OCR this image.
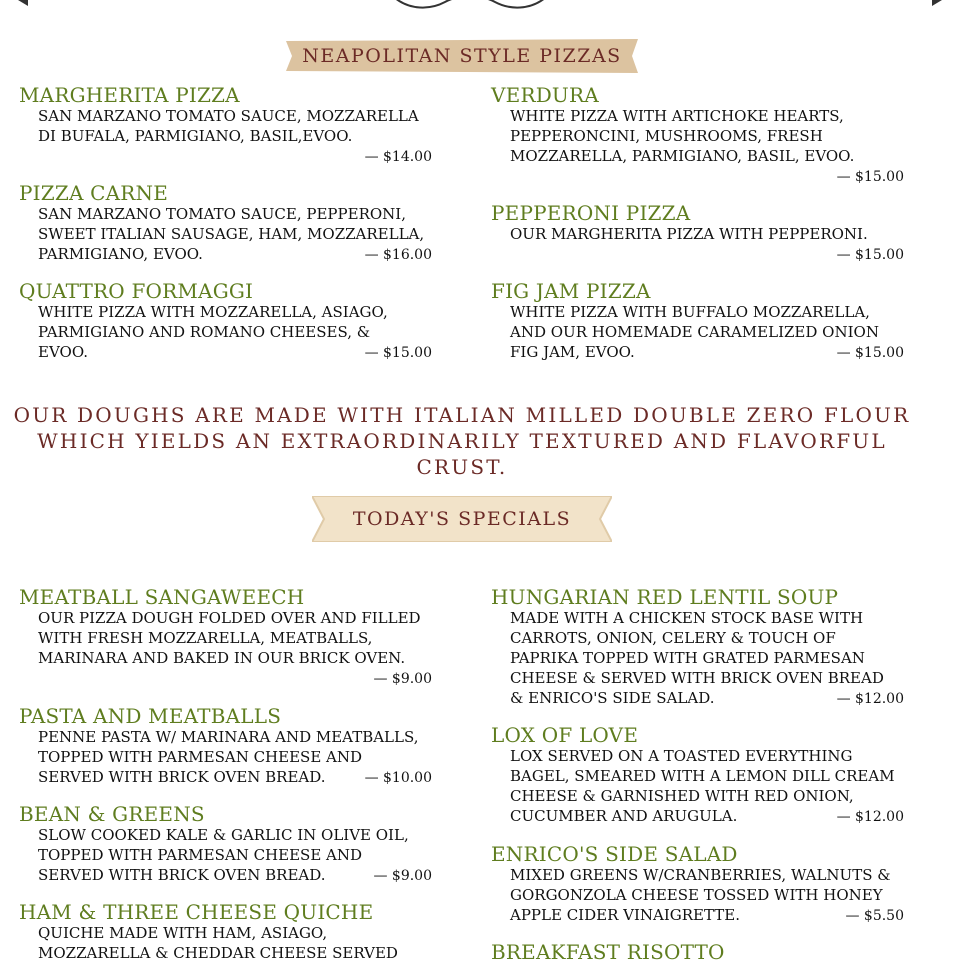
NEAPOLITAN STYLE PIZZAS
MARGHERITA PIZZA
SAN MARZANO TOMATO SAUCE, MOZZARELLA
DI BUFALA, PARMIGIANO, BASIL,EVOO.
— $14.00
PIZZA CARNE
SAN MARZANO TOMATO SAUCE, PEPPERONI,
SWEET ITALIAN SAUSAGE, HAM, MOZZARELLA,
PARMIGIANO, EVOO.	— $16.00
QUATTRO FORMAGGI
WHITE PIZZA WITH MOZZARELLA, ASIAGO,
PARMIGIANO AND ROMANO CHEESES, &
EVOO.	— $15.00
VERDURA
WHITE PIZZA WITH ARTICHOKE HEARTS,
PEPPERONCINI, MUSHROOMS, FRESH
MOZZARELLA, PARMIGIANO, BASIL, EVOO.
— $15.00
PEPPERONI PIZZA
OUR MARGHERITA PIZZA WITH PEPPERONI.
— $15.00
FIG JAM PIZZA
WHITE PIZZA WITH BUFFALO MOZZARELLA,
AND OUR HOMEMADE CARAMELIZED ONION
FIG JAM, EVOO.	— $15.00
OUR DOUGHS ARE MADE WITH ITALIAN MILLED DOUBLE ZERO FLOUR
WHICH YIELDS AN EXTRAORDINARILY TEXTURED AND FLAVORFUL CRUST.
TODAY'S SPECIALS
MEATBALL SANGAWEECH
OUR PIZZA DOUGH FOLDED OVER AND FILLED
WITH FRESH MOZZARELLA, MEATBALLS,
MARINARA AND BAKED IN OUR BRICK OVEN.
— $9.00
PASTA AND MEATBALLS
PENNE PASTA W/ MARINARA AND MEATBALLS,
TOPPED WITH PARMESAN CHEESE AND
SERVED WITH BRICK OVEN BREAD.	— $10.00
BEAN & GREENS
SLOW COOKED KALE & GARLIC IN OLIVE OIL,
TOPPED WITH PARMESAN CHEESE AND
SERVED WITH BRICK OVEN BREAD.	— $9.00
HAM & THREE CHEESE QUICHE
QUICHE MADE WITH HAM, ASIAGO,
MOZZARELLA & CHEDDAR CHEESE SERVED
HUNGARIAN RED LENTIL SOUP
MADE WITH A CHICKEN STOCK BASE WITH
CARROTS, ONION, CELERY & TOUCH OF
PAPRIKA TOPPED WITH GRATED PARMESAN
CHEESE & SERVED WITH BRICK OVEN BREAD
& ENRICO'S SIDE SALAD.	— $12.00
LOX OF LOVE
LOX SERVED ON A TOASTED EVERYTHING
BAGEL, SMEARED WITH A LEMON DILL CREAM
CHEESE & GARNISHED WITH RED ONION,
CUCUMBER AND ARUGULA.	— $12.00
ENRICO'S SIDE SALAD
MIXED GREENS W/CRANBERRIES, WALNUTS &
GORGONZOLA CHEESE TOSSED WITH HONEY
APPLE CIDER VINAIGRETTE.	— $5.50
BREAKFAST RISOTTO
